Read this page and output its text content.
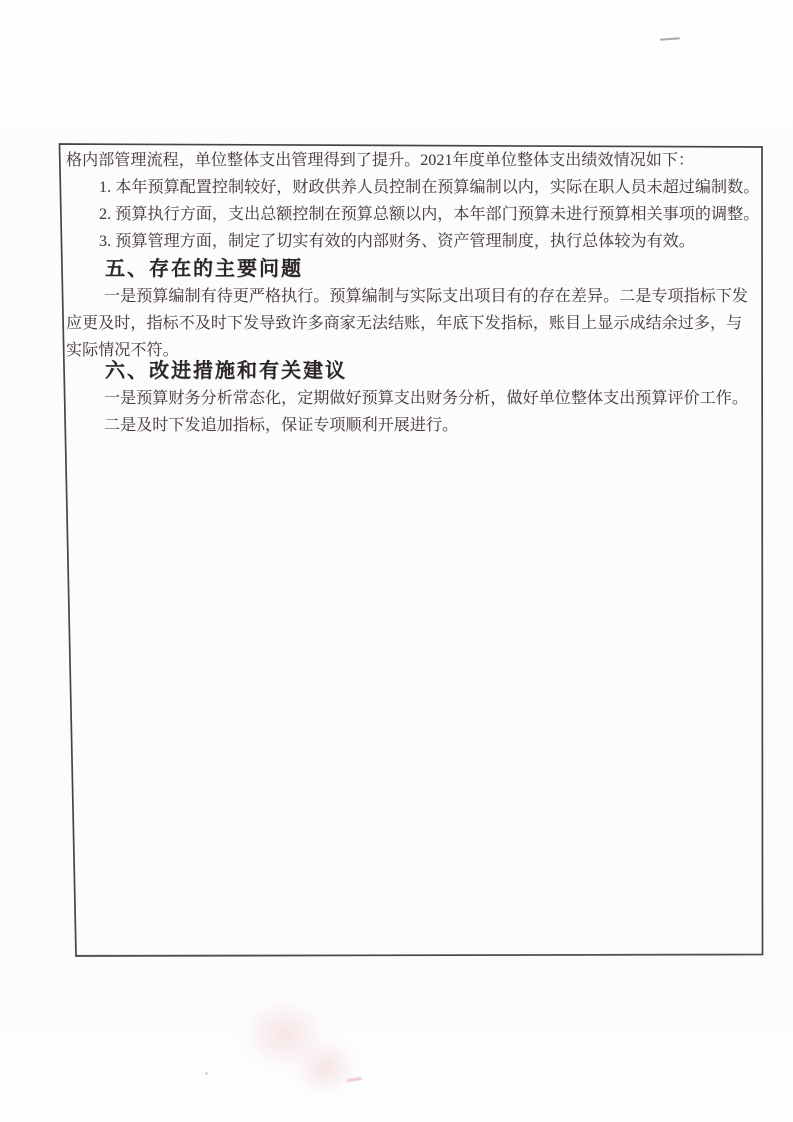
格内部管理流程，单位整体支出管理得到了提升。2021年度单位整体支出绩效情况如下：
1. 本年预算配置控制较好，财政供养人员控制在预算编制以内，实际在职人员未超过编制数。
2. 预算执行方面，支出总额控制在预算总额以内，本年部门预算未进行预算相关事项的调整。
3. 预算管理方面，制定了切实有效的内部财务、资产管理制度，执行总体较为有效。
五、存在的主要问题
一是预算编制有待更严格执行。预算编制与实际支出项目有的存在差异。二是专项指标下发
应更及时，指标不及时下发导致许多商家无法结账，年底下发指标，账目上显示成结余过多，与
实际情况不符。
六、改进措施和有关建议
一是预算财务分析常态化，定期做好预算支出财务分析，做好单位整体支出预算评价工作。
二是及时下发追加指标，保证专项顺利开展进行。
